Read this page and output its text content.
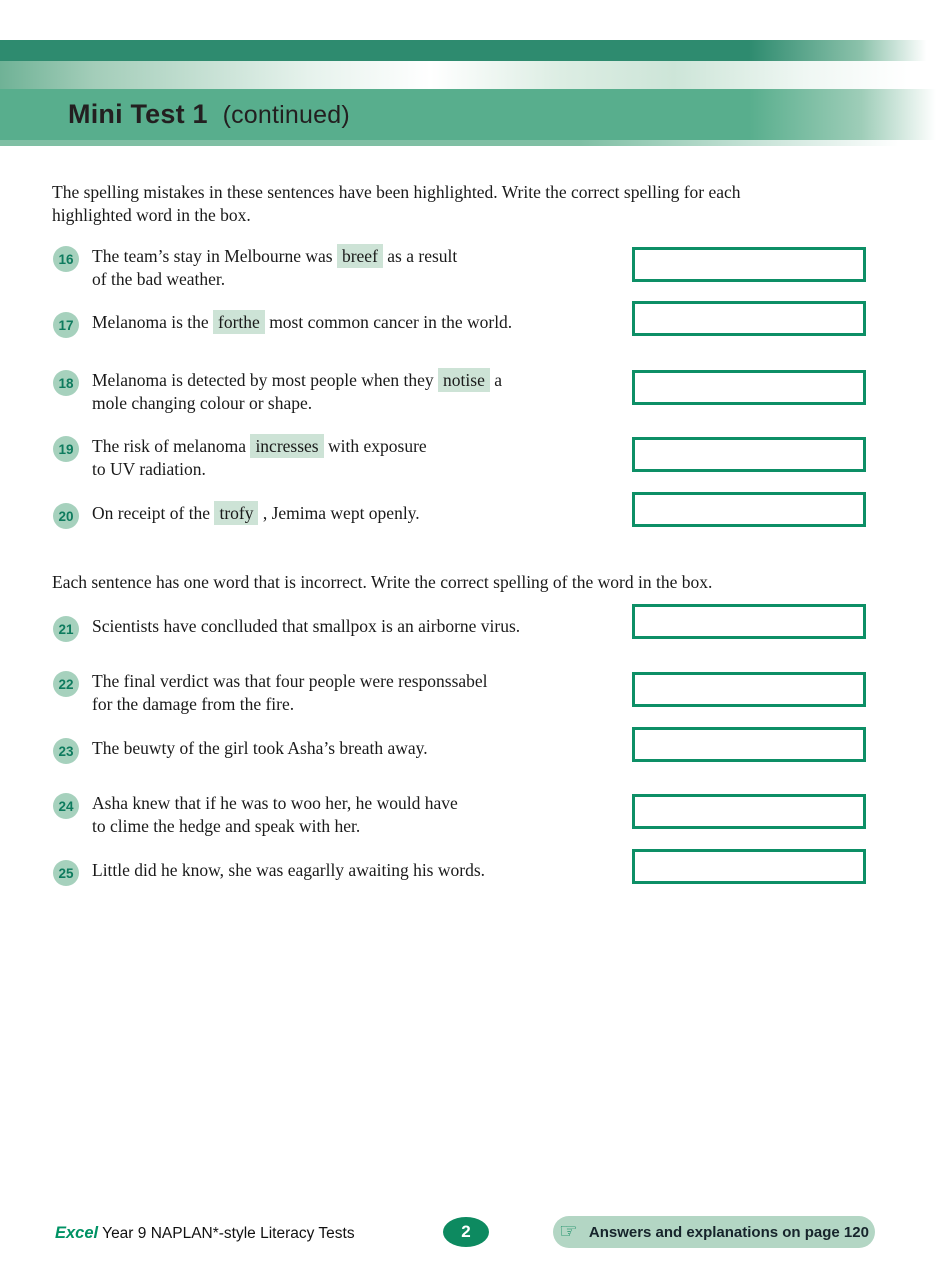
Mini Test 1 (continued)
The spelling mistakes in these sentences have been highlighted. Write the correct spelling for each
highlighted word in the box.
Each sentence has one word that is incorrect. Write the correct spelling of the word in the box.
16	The team’s stay in Melbourne was breef as a result
of the bad weather.
17	Melanoma is the forthe most common cancer in the world.
18	Melanoma is detected by most people when they notise a
mole changing colour or shape.
19	The risk of melanoma incresses with exposure
to UV radiation.
20	On receipt of the trofy , Jemima wept openly.
21	Scientists have conclluded that smallpox is an airborne virus.
22	The final verdict was that four people were responssabel
for the damage from the fire.
23	The beuwty of the girl took Asha’s breath away.
24	Asha knew that if he was to woo her, he would have
to clime the hedge and speak with her.
25	Little did he know, she was eagarlly awaiting his words.
Excel Year 9 NAPLAN*-style Literacy Tests	2	☞ Answers and explanations on page 120
